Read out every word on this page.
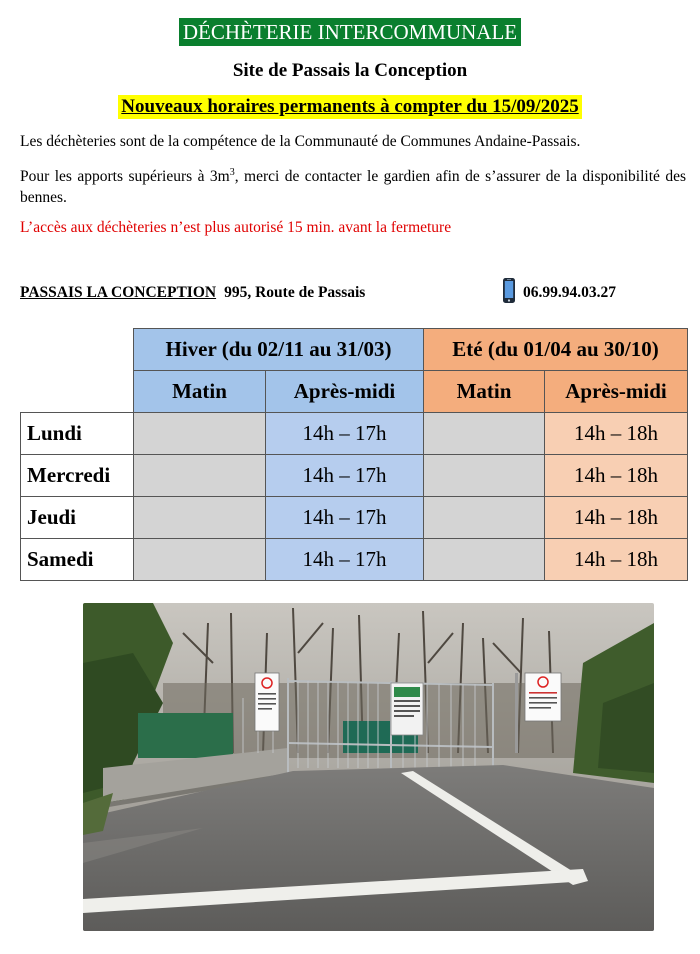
DÉCHÈTERIE INTERCOMMUNALE
Site de Passais la Conception
Nouveaux horaires permanents à compter du 15/09/2025
Les déchèteries sont de la compétence de la Communauté de Communes Andaine-Passais.
Pour les apports supérieurs à $3m^3$, merci de contacter le gardien afin de s’assurer de la disponibilité des bennes.
L’accès aux déchèteries n’est plus autorisé 15 min. avant la fermeture
PASSAIS LA CONCEPTION 995, Route de Passais	06.99.94.03.27
	Hiver (du 02/11 au 31/03)		Eté (du 01/04 au 30/10)	
	Matin	Après-midi	Matin	Après-midi
Lundi		14h – 17h		14h – 18h
Mercredi		14h – 17h		14h – 18h
Jeudi		14h – 17h		14h – 18h
Samedi		14h – 17h		14h – 18h
